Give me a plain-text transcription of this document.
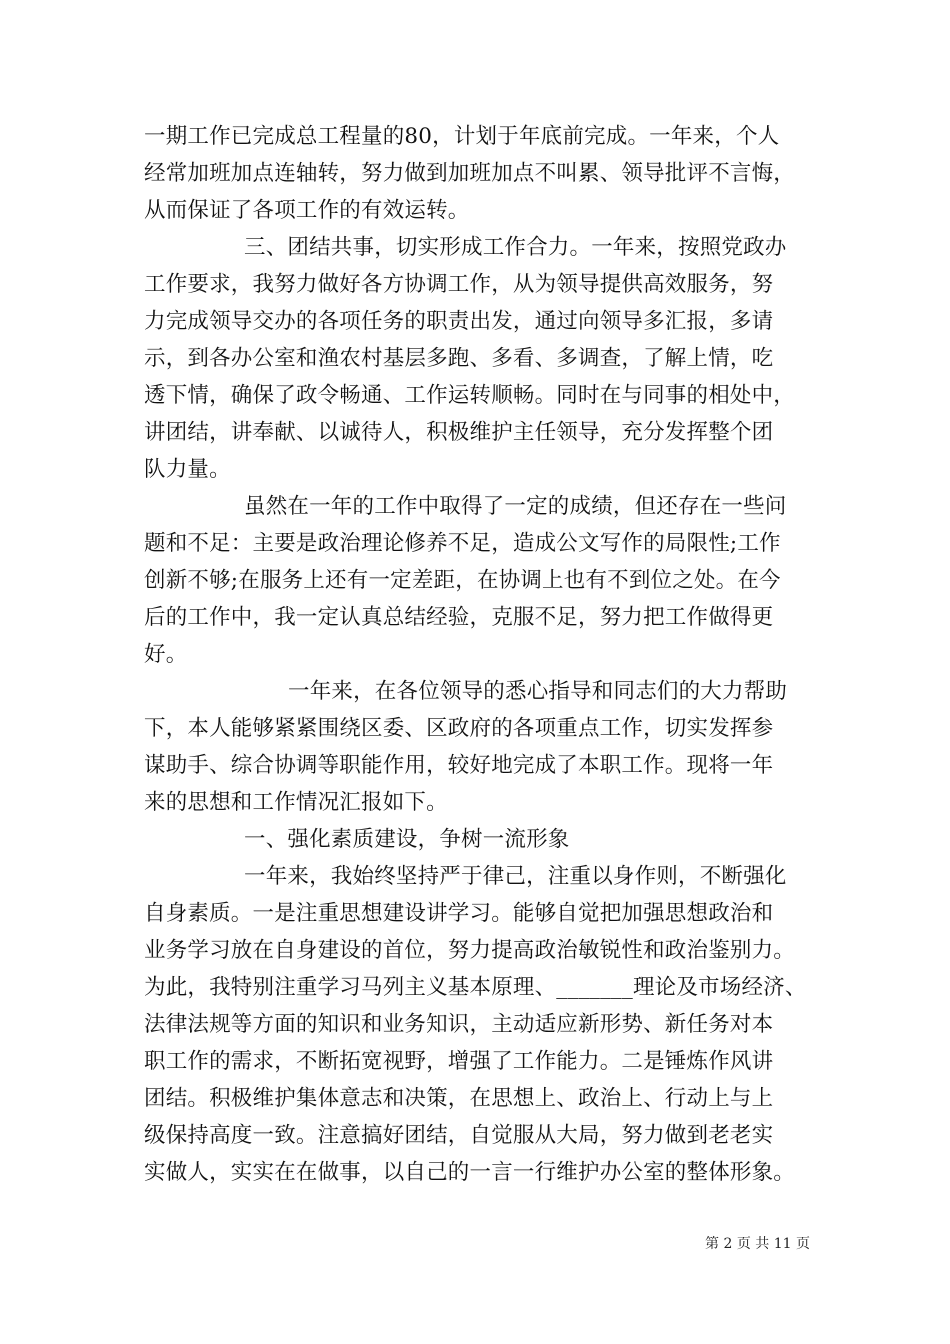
一期工作已完成总工程量的80，计划于年底前完成。一年来，个人
经常加班加点连轴转，努力做到加班加点不叫累、领导批评不言悔，
从而保证了各项工作的有效运转。
三、团结共事，切实形成工作合力。一年来，按照党政办
工作要求，我努力做好各方协调工作，从为领导提供高效服务，努
力完成领导交办的各项任务的职责出发，通过向领导多汇报，多请
示，到各办公室和渔农村基层多跑、多看、多调查，了解上情，吃
透下情，确保了政令畅通、工作运转顺畅。同时在与同事的相处中，
讲团结，讲奉献、以诚待人，积极维护主任领导，充分发挥整个团
队力量。
虽然在一年的工作中取得了一定的成绩，但还存在一些问
题和不足：主要是政治理论修养不足，造成公文写作的局限性;工作
创新不够;在服务上还有一定差距，在协调上也有不到位之处。在今
后的工作中，我一定认真总结经验，克服不足，努力把工作做得更
好。
一年来，在各位领导的悉心指导和同志们的大力帮助
下，本人能够紧紧围绕区委、区政府的各项重点工作，切实发挥参
谋助手、综合协调等职能作用，较好地完成了本职工作。现将一年
来的思想和工作情况汇报如下。
一、强化素质建设，争树一流形象
一年来，我始终坚持严于律己，注重以身作则，不断强化
自身素质。一是注重思想建设讲学习。能够自觉把加强思想政治和
业务学习放在自身建设的首位，努力提高政治敏锐性和政治鉴别力。
为此，我特别注重学习马列主义基本原理、_______理论及市场经济、
法律法规等方面的知识和业务知识，主动适应新形势、新任务对本
职工作的需求，不断拓宽视野，增强了工作能力。二是锤炼作风讲
团结。积极维护集体意志和决策，在思想上、政治上、行动上与上
级保持高度一致。注意搞好团结，自觉服从大局，努力做到老老实
实做人，实实在在做事，以自己的一言一行维护办公室的整体形象。
第 2 页 共 11 页
